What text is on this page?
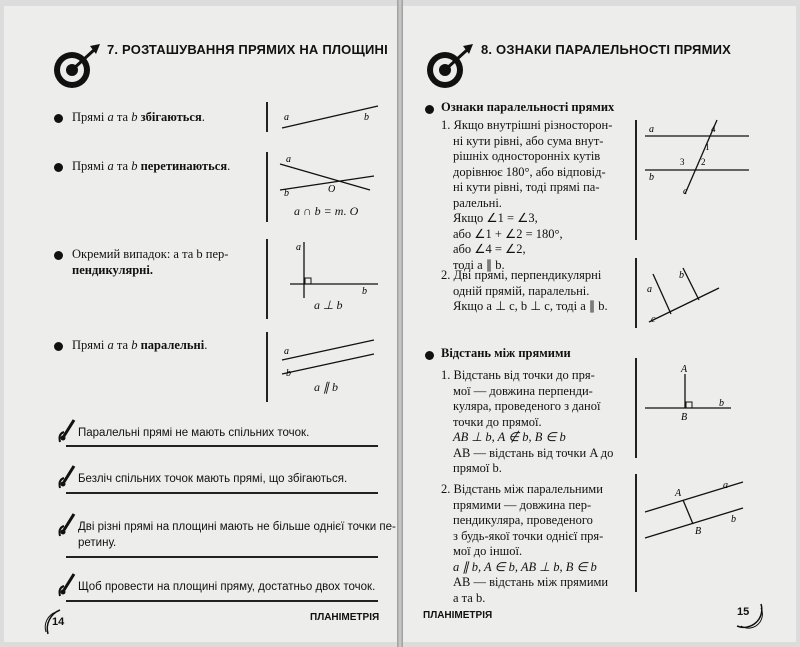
7. РОЗТАШУВАННЯ ПРЯМИХ НА ПЛОЩИНІ
Прямі a та b збігаються.
Прямі a та b перетинаються.
Окремий випадок: a та b пер-
пендикулярні.
Прямі a та b паралельні.
a	b
a
b	O
a ∩ b = т. O
a
b
a ⊥ b
a
b
a ∥ b
Паралельні прямі не мають спільних точок.
Безліч спільних точок мають прямі, що збігаються.
Дві різні прямі на площині мають не більше однієї точки пе-
ретину.
Щоб провести на площині пряму, достатньо двох точок.
14	ПЛАНІМЕТРІЯ
8. ОЗНАКИ ПАРАЛЕЛЬНОСТІ ПРЯМИХ
Ознаки паралельності прямих
1. Якщо внутрішні різносторон-
ні кути рівні, або сума внут-
рішніх односторонніх кутів
дорівнює 180°, або відповід-
ні кути рівні, тоді прямі па-
ралельні.
Якщо ∠1 = ∠3,
або ∠1 + ∠2 = 180°,
або ∠4 = ∠2,
тоді a ∥ b.
a
b
c
1
2
3
4
2. Дві прямі, перпендикулярні
одній прямій, паралельні.
Якщо a ⊥ c, b ⊥ c, тоді a ∥ b.
a
b
c
Відстань між прямими
1. Відстань від точки до пря-
мої — довжина перпенди-
куляра, проведеного з даної
точки до прямої.
AB ⊥ b, A ∉ b, B ∈ b
AB — відстань від точки A до
прямої b.
A
B
b
2. Відстань між паралельними
прямими — довжина пер-
пендикуляра, проведеного
з будь-якої точки однієї пря-
мої до іншої.
a ∥ b, A ∈ b, AB ⊥ b, B ∈ b
AB — відстань між прямими
a та b.
A
B
a
b
ПЛАНІМЕТРІЯ	15
